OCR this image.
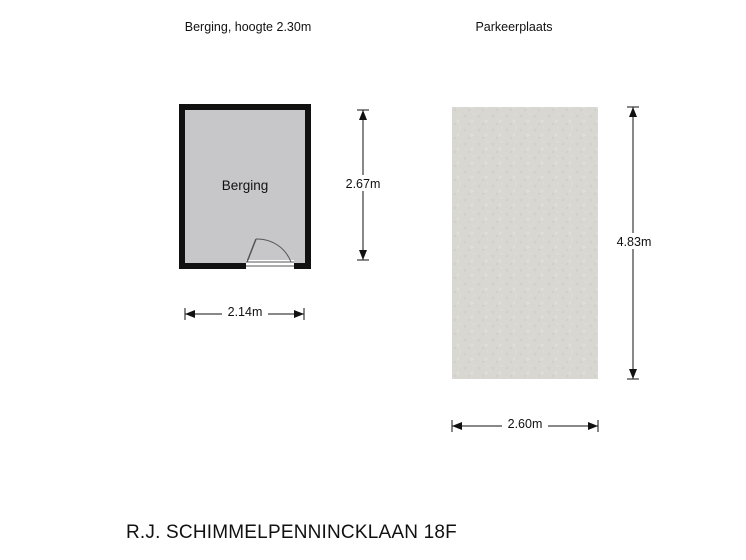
Berging, hoogte 2.30m	Parkeerplaats
Berging	2.67m
2.14m
4.83m
2.60m
R.J. SCHIMMELPENNINCKLAAN 18F
